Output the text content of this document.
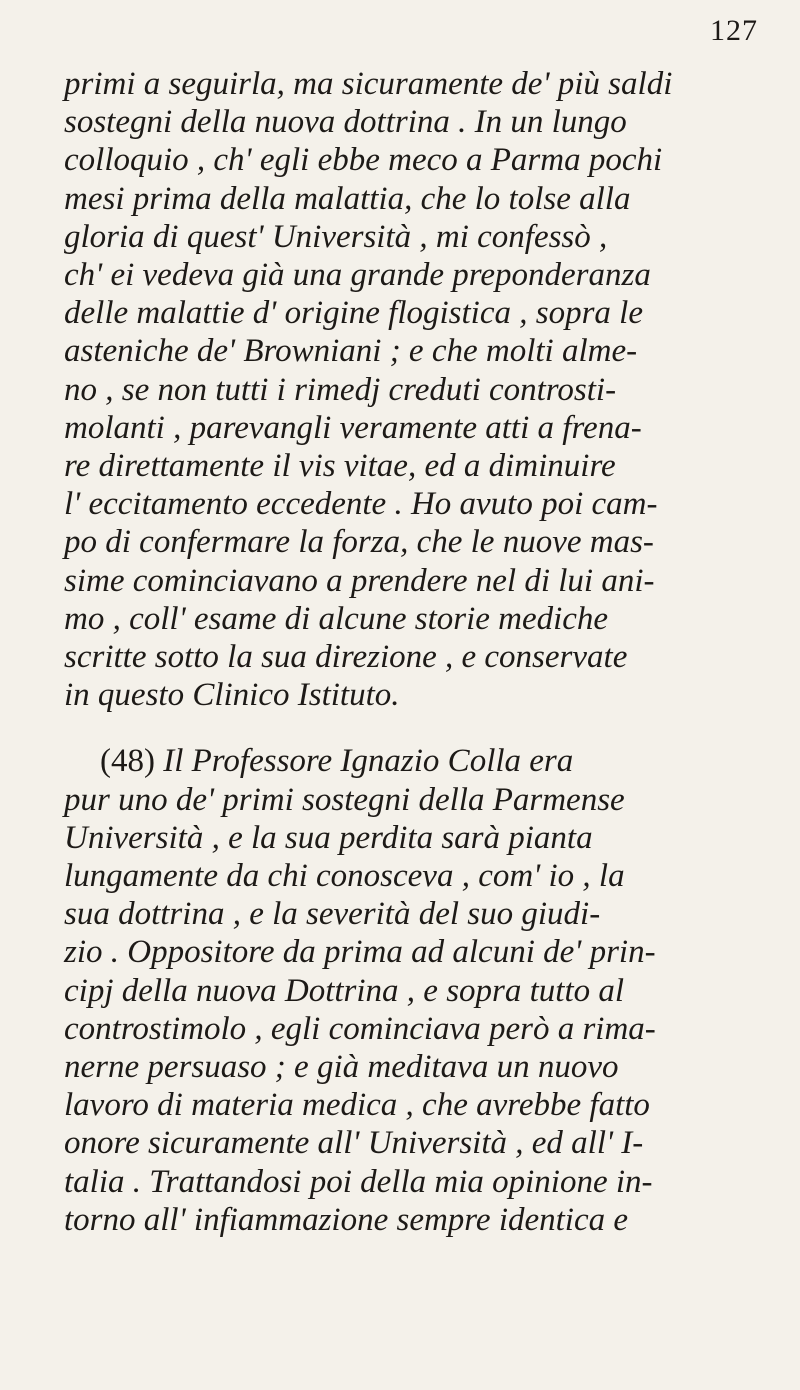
127
primi a seguirla, ma sicuramente de' più saldi
sostegni della nuova dottrina . In un lungo
colloquio , ch' egli ebbe meco a Parma pochi
mesi prima della malattia, che lo tolse alla
gloria di quest' Università , mi confessò ,
ch' ei vedeva già una grande preponderanza
delle malattie d' origine flogistica , sopra le
asteniche de' Browniani ; e che molti alme-
no , se non tutti i rimedj creduti controsti-
molanti , parevangli veramente atti a frena-
re direttamente il vis vitae, ed a diminuire
l' eccitamento eccedente . Ho avuto poi cam-
po di confermare la forza, che le nuove mas-
sime cominciavano a prendere nel di lui ani-
mo , coll' esame di alcune storie mediche
scritte sotto la sua direzione , e conservate
in questo Clinico Istituto.
(48) Il Professore Ignazio Colla era
pur uno de' primi sostegni della Parmense
Università , e la sua perdita sarà pianta
lungamente da chi conosceva , com' io , la
sua dottrina , e la severità del suo giudi-
zio . Oppositore da prima ad alcuni de' prin-
cipj della nuova Dottrina , e sopra tutto al
controstimolo , egli cominciava però a rima-
nerne persuaso ; e già meditava un nuovo
lavoro di materia medica , che avrebbe fatto
onore sicuramente all' Università , ed all' I-
talia . Trattandosi poi della mia opinione in-
torno all' infiammazione sempre identica e
